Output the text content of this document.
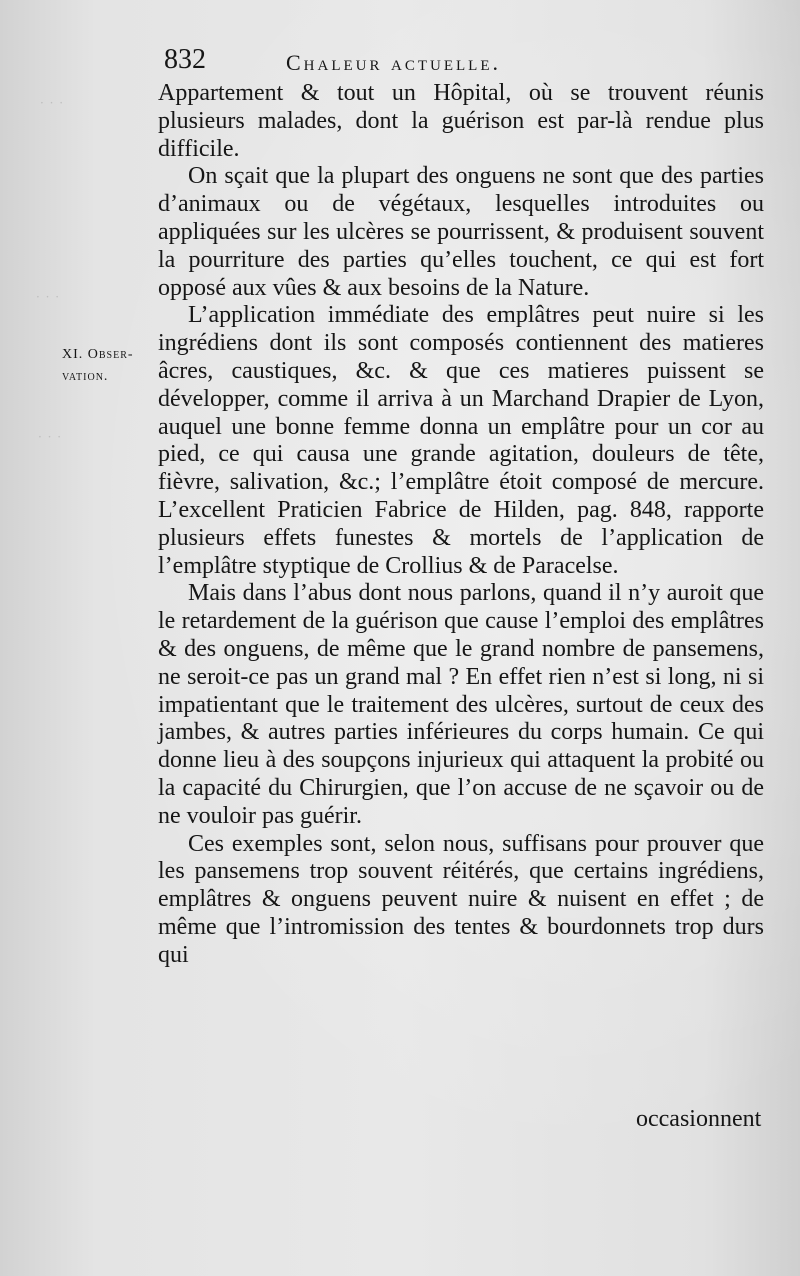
· · ·
· · ·
· · ·
832	Chaleur actuelle.
XI. Obser-vation.

Appartement & tout un Hôpital, où se trouvent réunis plusieurs malades, dont la guérison est par-là rendue plus difficile.

On sçait que la plupart des onguens ne sont que des parties d’animaux ou de végétaux, lesquelles introduites ou appliquées sur les ulcères se pourrissent, & produisent souvent la pourriture des parties qu’elles touchent, ce qui est fort opposé aux vûes & aux besoins de la Nature.

L’application immédiate des emplâtres peut nuire si les ingrédiens dont ils sont composés contiennent des matieres âcres, caustiques, &c. & que ces matieres puissent se développer, comme il arriva à un Marchand Drapier de Lyon, auquel une bonne femme donna un emplâtre pour un cor au pied, ce qui causa une grande agitation, douleurs de tête, fièvre, salivation, &c.; l’emplâtre étoit composé de mercure. L’excellent Praticien Fabrice de Hilden, pag. 848, rapporte plusieurs effets funestes & mortels de l’application de l’emplâtre styptique de Crollius & de Paracelse.

Mais dans l’abus dont nous parlons, quand il n’y auroit que le retardement de la guérison que cause l’emploi des emplâtres & des onguens, de même que le grand nombre de pansemens, ne seroit-ce pas un grand mal ? En effet rien n’est si long, ni si impatientant que le traitement des ulcères, surtout de ceux des jambes, & autres parties inférieures du corps humain. Ce qui donne lieu à des soupçons injurieux qui attaquent la probité ou la capacité du Chirurgien, que l’on accuse de ne sçavoir ou de ne vouloir pas guérir.

Ces exemples sont, selon nous, suffisans pour prouver que les pansemens trop souvent réitérés, que certains ingrédiens, emplâtres & onguens peuvent nuire & nuisent en effet ; de même que l’intromission des tentes & bourdonnets trop durs qui

occasionnent
